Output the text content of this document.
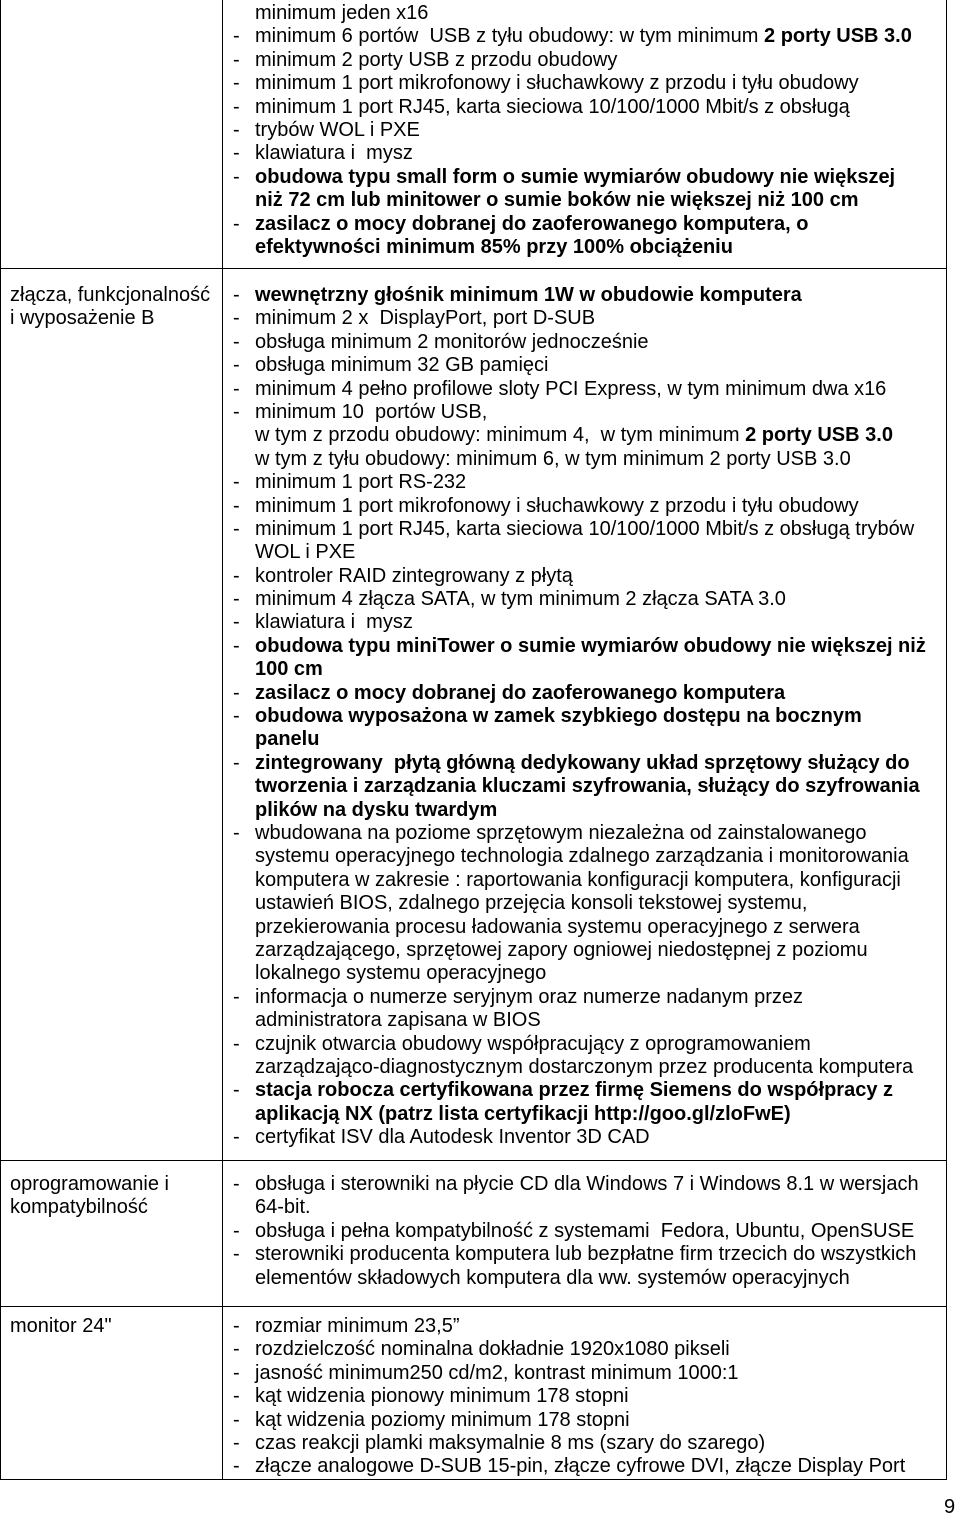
minimum jeden x16
- minimum 6 portów  USB z tyłu obudowy: w tym minimum 2 porty USB 3.0
- minimum 2 porty USB z przodu obudowy
- minimum 1 port mikrofonowy i słuchawkowy z przodu i tyłu obudowy
- minimum 1 port RJ45, karta sieciowa 10/100/1000 Mbit/s z obsługą
- trybów WOL i PXE
- klawiatura i  mysz
- obudowa typu small form o sumie wymiarów obudowy nie większej
niż 72 cm lub minitower o sumie boków nie większej niż 100 cm
- zasilacz o mocy dobranej do zaoferowanego komputera, o
efektywności minimum 85% przy 100% obciążeniu
złącza, funkcjonalność
i wyposażenie B
- wewnętrzny głośnik minimum 1W w obudowie komputera
- minimum 2 x  DisplayPort, port D-SUB
- obsługa minimum 2 monitorów jednocześnie
- obsługa minimum 32 GB pamięci
- minimum 4 pełno profilowe sloty PCI Express, w tym minimum dwa x16
- minimum 10  portów USB,
w tym z przodu obudowy: minimum 4,  w tym minimum 2 porty USB 3.0
w tym z tyłu obudowy: minimum 6, w tym minimum 2 porty USB 3.0
- minimum 1 port RS-232
- minimum 1 port mikrofonowy i słuchawkowy z przodu i tyłu obudowy
- minimum 1 port RJ45, karta sieciowa 10/100/1000 Mbit/s z obsługą trybów
WOL i PXE
- kontroler RAID zintegrowany z płytą
- minimum 4 złącza SATA, w tym minimum 2 złącza SATA 3.0
- klawiatura i  mysz
- obudowa typu miniTower o sumie wymiarów obudowy nie większej niż
100 cm
- zasilacz o mocy dobranej do zaoferowanego komputera
- obudowa wyposażona w zamek szybkiego dostępu na bocznym
panelu
- zintegrowany  płytą główną dedykowany układ sprzętowy służący do
tworzenia i zarządzania kluczami szyfrowania, służący do szyfrowania
plików na dysku twardym
- wbudowana na poziome sprzętowym niezależna od zainstalowanego
systemu operacyjnego technologia zdalnego zarządzania i monitorowania
komputera w zakresie : raportowania konfiguracji komputera, konfiguracji
ustawień BIOS, zdalnego przejęcia konsoli tekstowej systemu,
przekierowania procesu ładowania systemu operacyjnego z serwera
zarządzającego, sprzętowej zapory ogniowej niedostępnej z poziomu
lokalnego systemu operacyjnego
- informacja o numerze seryjnym oraz numerze nadanym przez
administratora zapisana w BIOS
- czujnik otwarcia obudowy współpracujący z oprogramowaniem
zarządzająco-diagnostycznym dostarczonym przez producenta komputera
- stacja robocza certyfikowana przez firmę Siemens do współpracy z
aplikacją NX (patrz lista certyfikacji http://goo.gl/zloFwE)
- certyfikat ISV dla Autodesk Inventor 3D CAD
oprogramowanie i
kompatybilność
- obsługa i sterowniki na płycie CD dla Windows 7 i Windows 8.1 w wersjach
64-bit.
- obsługa i pełna kompatybilność z systemami  Fedora, Ubuntu, OpenSUSE
- sterowniki producenta komputera lub bezpłatne firm trzecich do wszystkich
elementów składowych komputera dla ww. systemów operacyjnych
monitor 24"	- rozmiar minimum 23,5”
- rozdzielczość nominalna dokładnie 1920x1080 pikseli
- jasność minimum250 cd/m2, kontrast minimum 1000:1
- kąt widzenia pionowy minimum 178 stopni
- kąt widzenia poziomy minimum 178 stopni
- czas reakcji plamki maksymalnie 8 ms (szary do szarego)
- złącze analogowe D-SUB 15-pin, złącze cyfrowe DVI, złącze Display Port
9
